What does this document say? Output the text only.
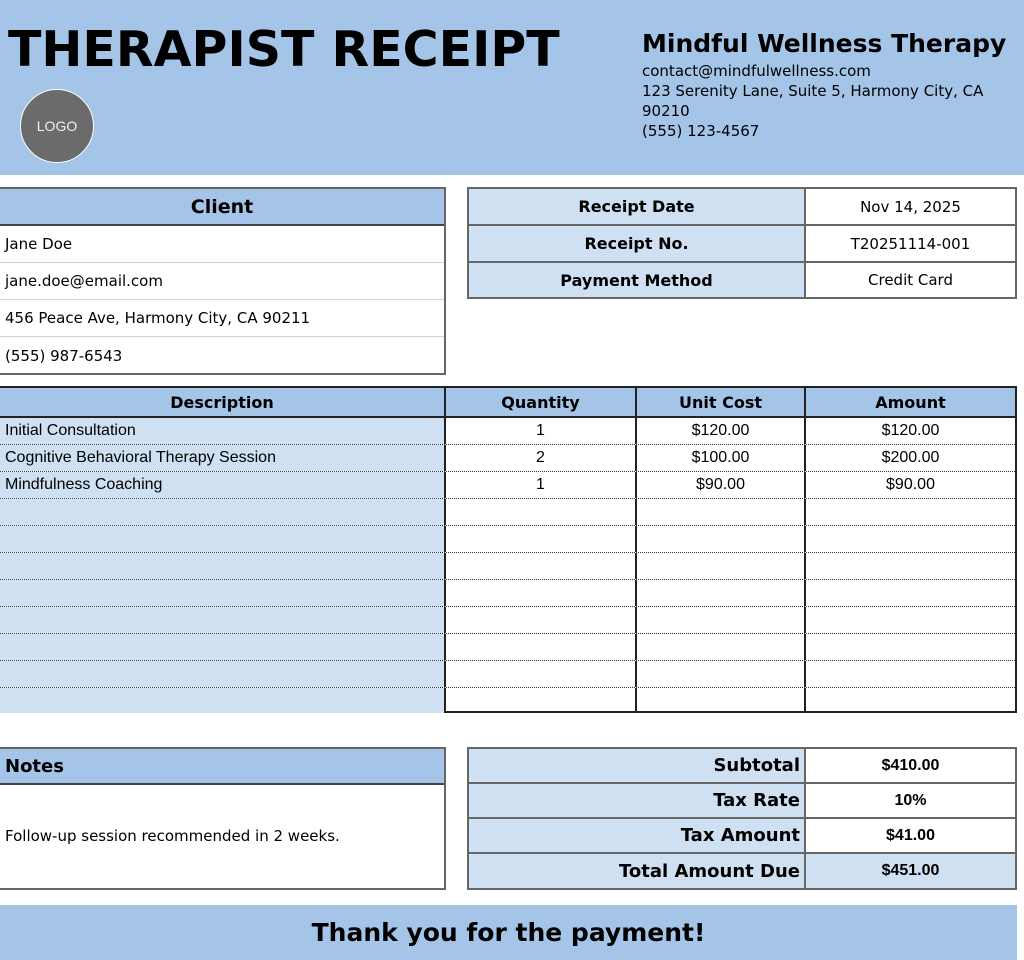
THERAPIST RECEIPT
LOGO
Mindful Wellness Therapy
contact@mindfulwellness.com
123 Serenity Lane, Suite 5, Harmony City, CA 90210
(555) 123-4567
Client
Jane Doe
jane.doe@email.com
456 Peace Ave, Harmony City, CA 90211
(555) 987-6543
Receipt Date	Nov 14, 2025
Receipt No.	T20251114-001
Payment Method	Credit Card
Description	Quantity	Unit Cost	Amount
Initial Consultation	1	$120.00	$120.00
Cognitive Behavioral Therapy Session	2	$100.00	$200.00
Mindfulness Coaching	1	$90.00	$90.00
Notes
Follow-up session recommended in 2 weeks.
Subtotal	$410.00
Tax Rate	10%
Tax Amount	$41.00
Total Amount Due	$451.00
Thank you for the payment!
